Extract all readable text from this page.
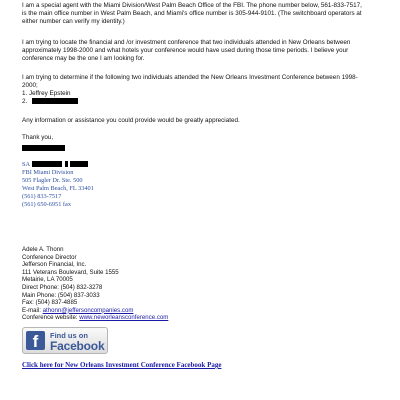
I am a special agent with the Miami Division/West Palm Beach Office of the FBI. The phone number below, 561-833-7517,
is the main office number in West Palm Beach, and Miami's office number is 305-944-9101. (The switchboard operators at
either number can verify my identity.)
I am trying to locate the financial and /or investment conference that two individuals attended in New Orleans between
approximately 1998-2000 and what hotels your conference would have used during those time periods. I believe your
conference may be the one I am looking for.
I am trying to determine if the following two individuals attended the New Orleans Investment Conference between 1998-
2000;
1. Jeffrey Epstein
2.
Any information or assistance you could provide would be greatly appreciated.
Thank you,
SA
FBI Miami Division
505 Flagler Dr. Ste. 500
West Palm Beach, FL 33401
(561) 833-7517
(561) 650-6951 fax
Adele A. Thonn
Conference Director
Jefferson Financial, Inc.
111 Veterans Boulevard, Suite 1555
Metairie, LA 70005
Direct Phone: (504) 832-3278
Main Phone: (504) 837-3033
Fax: (504) 837-4885
E-mail: athonn@jeffersoncompanies.com
Conference website: www.neworleansconference.com
f	Find us on
Facebook
Click here for New Orleans Investment Conference Facebook Page
